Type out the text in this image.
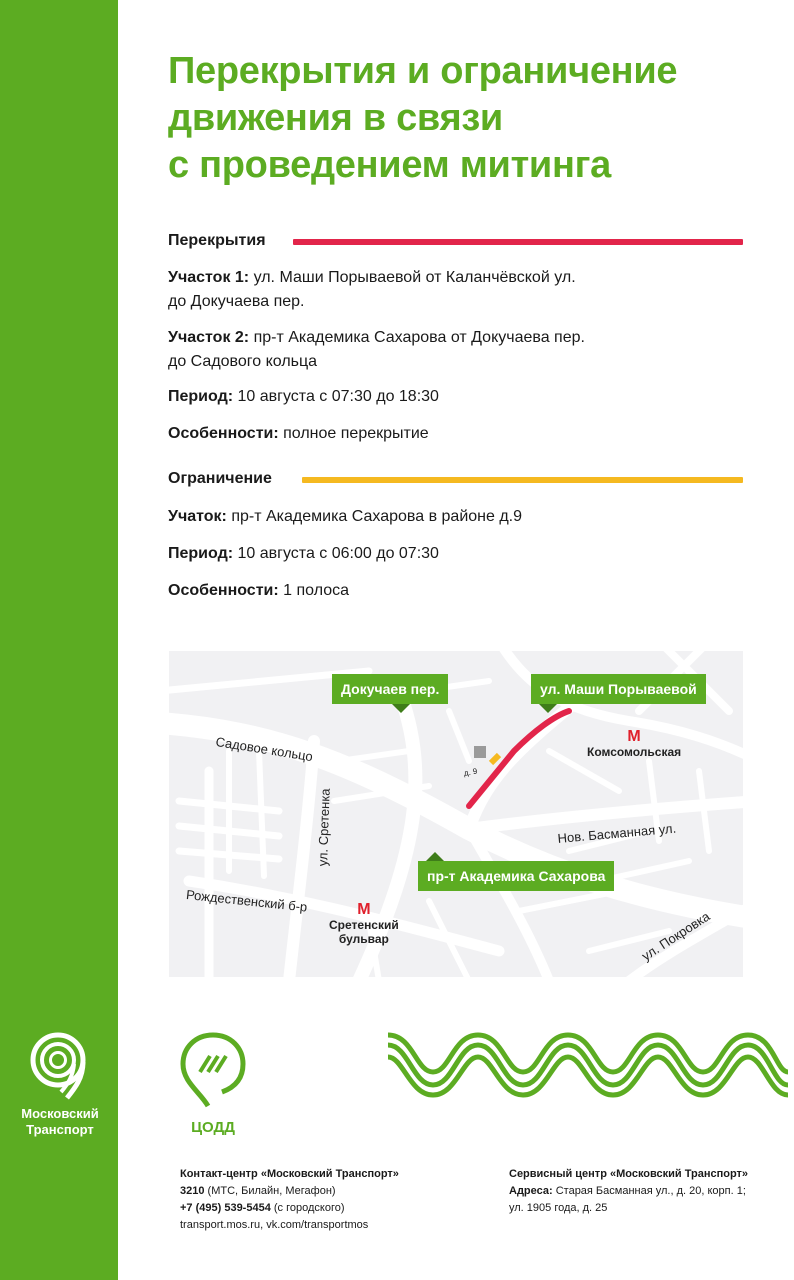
Московский
Транспорт
Перекрытия и ограничение
движения в связи
с проведением митинга
Перекрытия
Участок 1: ул. Маши Порываевой от Каланчёвской ул.
до Докучаева пер.
Участок 2: пр-т Академика Сахарова от Докучаева пер.
до Садового кольца
Период: 10 августа с 07:30 до 18:30
Особенности: полное перекрытие
Ограничение
Учаток: пр-т Академика Сахарова в районе д.9
Период: 10 августа с 06:00 до 07:30
Особенности: 1 полоса
Докучаев пер.	ул. Маши Порываевой
пр-т Академика Сахарова
Садовое кольцо
ул. Сретенка
Рождественский б-р
Нов. Басманная ул.
ул. Покровка
д. 9
М
Комсомольская
М
Сретенский
бульвар
ЦОДД
Контакт-центр «Московский Транспорт»
3210 (МТС, Билайн, Мегафон)
+7 (495) 539-5454 (с городского)
transport.mos.ru, vk.com/transportmos
Сервисный центр «Московский Транспорт»
Адреса: Старая Басманная ул., д. 20, корп. 1;
ул. 1905 года, д. 25
